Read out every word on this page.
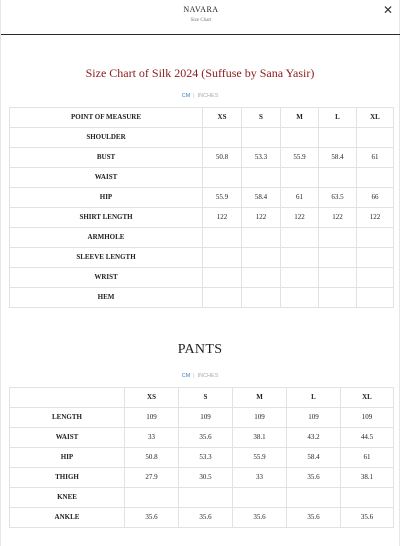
NAVARA
Size Chart
✕
Size Chart of Silk 2024 (Suffuse by Sana Yasir)
CM | INCHES
POINT OF MEASURE	XS	S	M	L	XL
SHOULDER					
BUST	50.8	53.3	55.9	58.4	61
WAIST					
HIP	55.9	58.4	61	63.5	66
SHIRT LENGTH	122	122	122	122	122
ARMHOLE					
SLEEVE LENGTH					
WRIST					
HEM					
PANTS
CM | INCHES
	XS	S	M	L	XL
LENGTH	109	109	109	109	109
WAIST	33	35.6	38.1	43.2	44.5
HIP	50.8	53.3	55.9	58.4	61
THIGH	27.9	30.5	33	35.6	38.1
KNEE					
ANKLE	35.6	35.6	35.6	35.6	35.6
